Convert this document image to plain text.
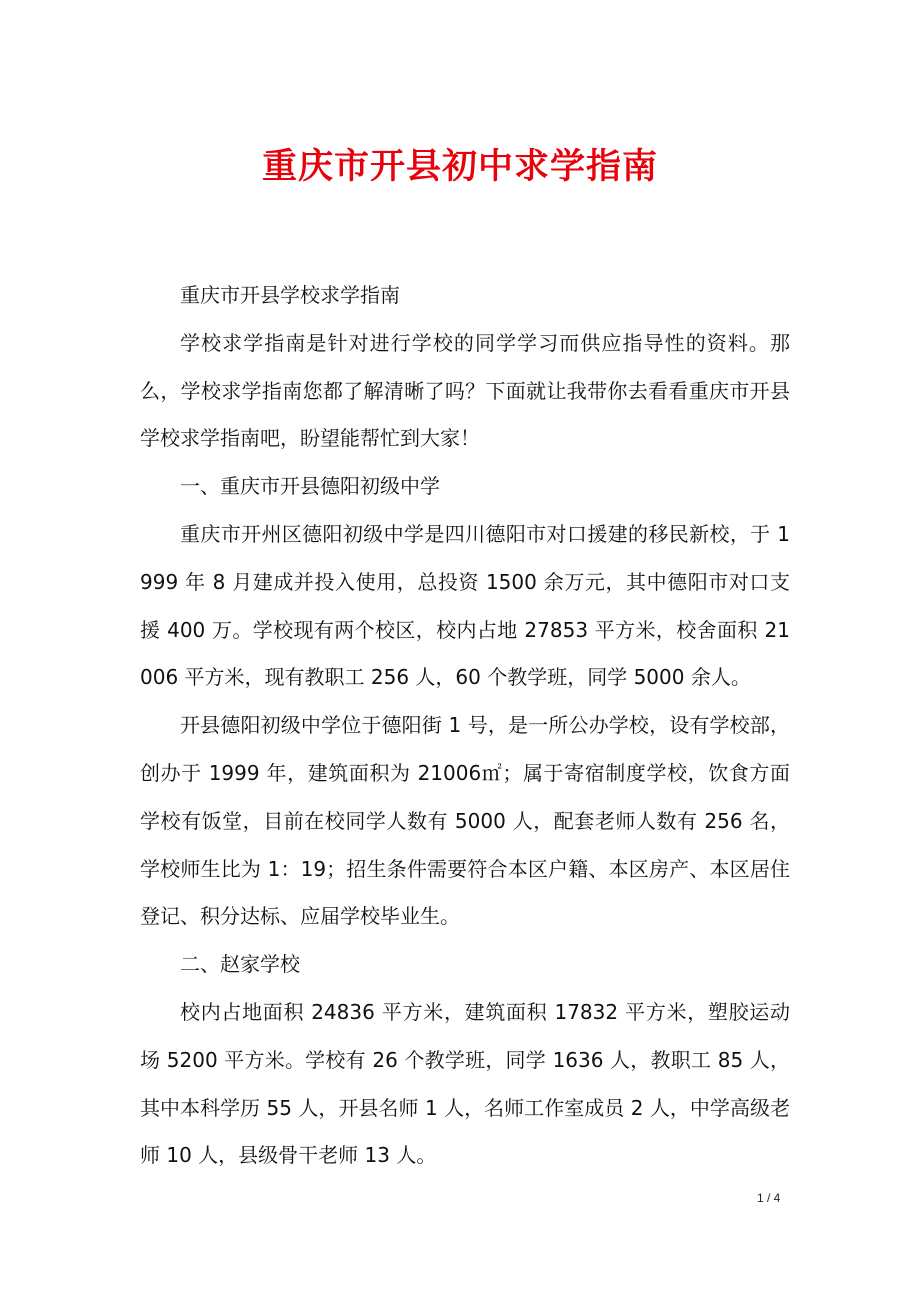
重庆市开县初中求学指南

重庆市开县学校求学指南

学校求学指南是针对进行学校的同学学习而供应指导性的资料。那么，学校求学指南您都了解清晰了吗？下面就让我带你去看看重庆市开县学校求学指南吧，盼望能帮忙到大家！

一、重庆市开县德阳初级中学

重庆市开州区德阳初级中学是四川德阳市对口援建的移民新校，于 1999 年 8 月建成并投入使用，总投资 1500 余万元，其中德阳市对口支援 400 万。学校现有两个校区，校内占地 27853 平方米，校舍面积 21006 平方米，现有教职工 256 人，60 个教学班，同学 5000 余人。

开县德阳初级中学位于德阳街 1 号，是一所公办学校，设有学校部，创办于 1999 年，建筑面积为 21006㎡；属于寄宿制度学校，饮食方面学校有饭堂，目前在校同学人数有 5000 人，配套老师人数有 256 名，学校师生比为 1：19；招生条件需要符合本区户籍、本区房产、本区居住登记、积分达标、应届学校毕业生。

二、赵家学校

校内占地面积 24836 平方米，建筑面积 17832 平方米，塑胶运动场 5200 平方米。学校有 26 个教学班，同学 1636 人，教职工 85 人，其中本科学历 55 人，开县名师 1 人，名师工作室成员 2 人，中学高级老师 10 人，县级骨干老师 13 人。

1 / 4
